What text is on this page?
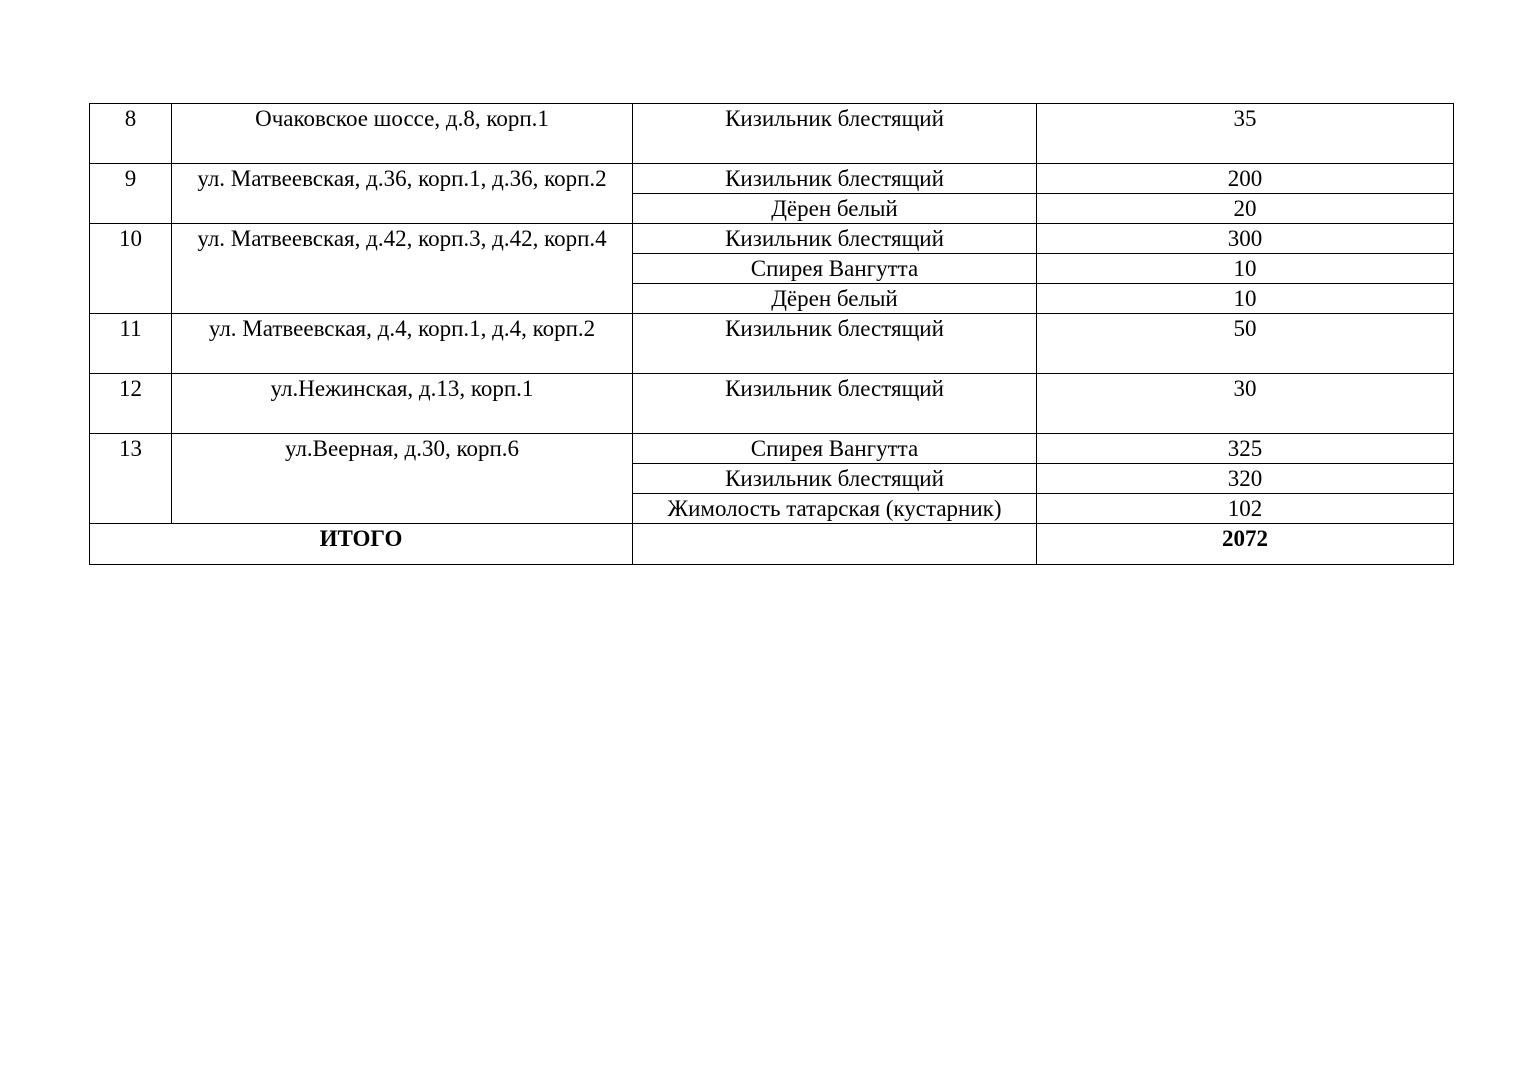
8	Очаковское шоссе, д.8, корп.1	Кизильник блестящий	35
9	ул. Матвеевская, д.36, корп.1, д.36, корп.2	Кизильник блестящий	200
		Дёрен белый	20
10	ул. Матвеевская, д.42, корп.3, д.42, корп.4	Кизильник блестящий	300
		Спирея Вангутта	10
		Дёрен белый	10
11	ул. Матвеевская, д.4, корп.1, д.4, корп.2	Кизильник блестящий	50
12	ул.Нежинская, д.13, корп.1	Кизильник блестящий	30
13	ул.Веерная, д.30, корп.6	Спирея Вангутта	325
		Кизильник блестящий	320
		Жимолость татарская (кустарник)	102
ИТОГО			2072
